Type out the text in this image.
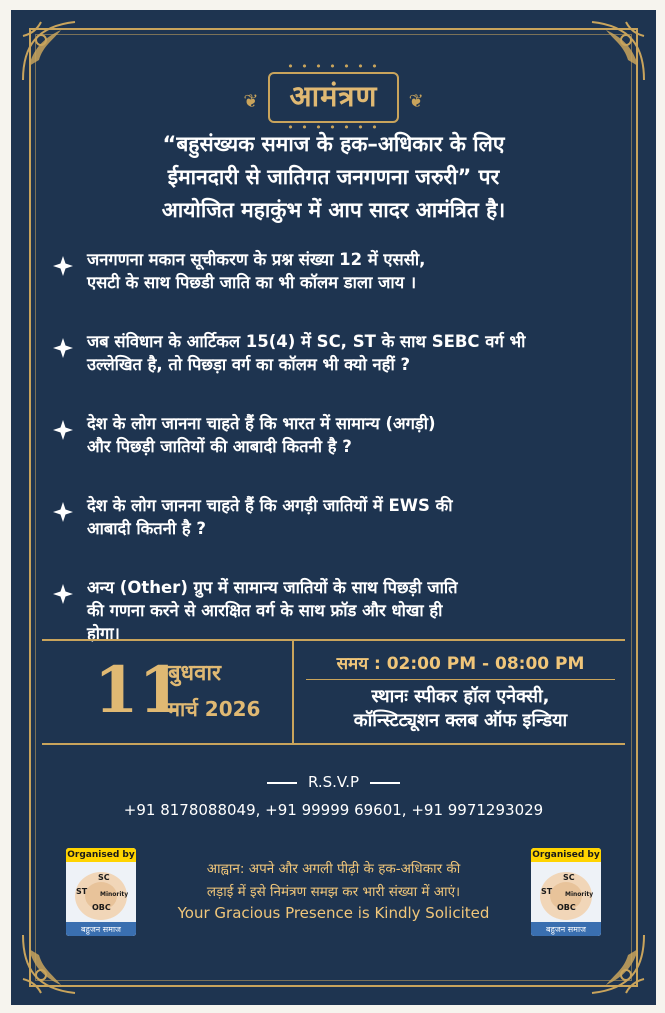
• • • • • • •
❦ आमंत्रण ❦
• • • • • • •
“बहुसंख्यक समाज के हक–अधिकार के लिए
ईमानदारी से जातिगत जनगणना जरुरी” पर
आयोजित महाकुंभ में आप सादर आमंत्रित है।
जनगणना मकान सूचीकरण के प्रश्न संख्या 12 में एससी,
एसटी के साथ पिछडी जाति का भी कॉलम डाला जाय ।
जब संविधान के आर्टिकल 15(4) में SC, ST के साथ SEBC वर्ग भी
उल्लेखित है, तो पिछड़ा वर्ग का कॉलम भी क्यो नहीं ?
देश के लोग जानना चाहते हैं कि भारत में सामान्य (अगड़ी)
और पिछड़ी जातियों की आबादी कितनी है ?
देश के लोग जानना चाहते हैं कि अगड़ी जातियों में EWS की
आबादी कितनी है ?
अन्य (Other) ग्रुप में सामान्य जातियों के साथ पिछड़ी जाति
की गणना करने से आरक्षित वर्ग के साथ फ्रॉड और धोखा ही
होगा।
11
बुधवार
मार्च 2026
समय : 02:00 PM - 08:00 PM
स्थानः स्पीकर हॉल एनेक्सी,
कॉन्स्टिट्यूशन क्लब ऑफ इन्डिया
R.S.V.P
+91 8178088049, +91 99999 69601, +91 9971293029
Organised by
SC
ST Minority
OBC
बहुजन समाज
Organised by
SC
ST Minority
OBC
बहुजन समाज
आह्वान: अपने और अगली पीढ़ी के हक-अधिकार की
लड़ाई में इसे निमंत्रण समझ कर भारी संख्या में आएं।
Your Gracious Presence is Kindly Solicited
